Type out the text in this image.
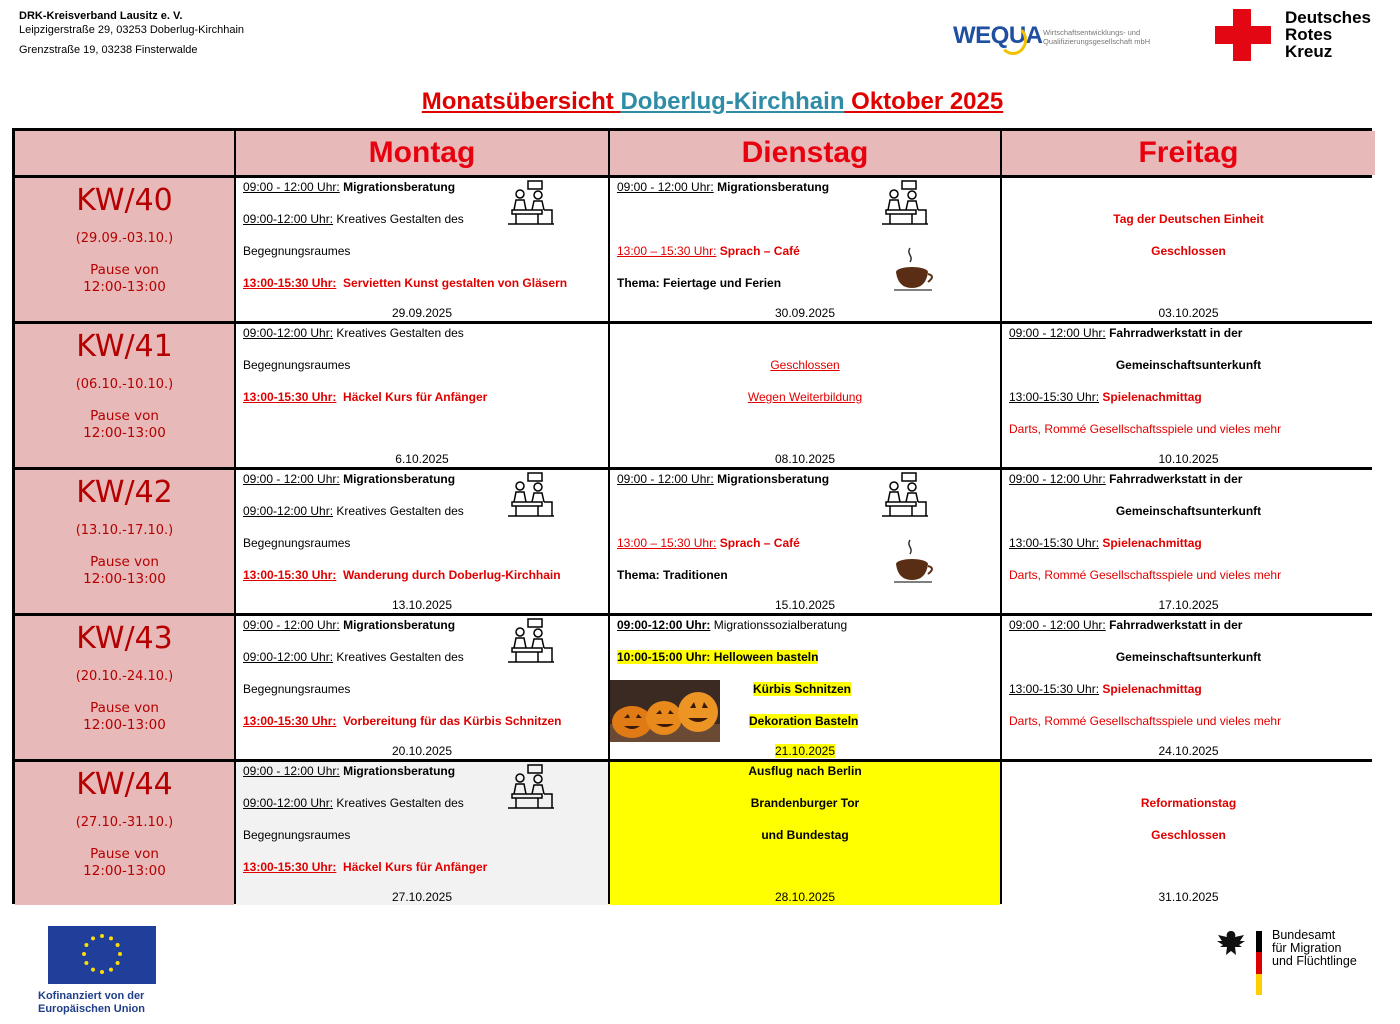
DRK-Kreisverband Lausitz e. V.
Leipzigerstraße 29, 03253 Doberlug-Kirchhain
Grenzstraße 19, 03238 Finsterwalde
WEQUA Wirtschaftsentwicklungs- und Qualifizierungsgesellschaft mbH
Deutsches
Rotes
Kreuz
Monatsübersicht Doberlug-Kirchhain Oktober 2025
Montag	Dienstag	Freitag
KW/40
(29.09.-03.10.)
Pause von
12:00-13:00
09:00 - 12:00 Uhr: Migrationsberatung
09:00-12:00 Uhr: Kreatives Gestalten des
Begegnungsraumes
13:00-15:30 Uhr: Servietten Kunst gestalten von Gläsern
29.09.2025
09:00 - 12:00 Uhr: Migrationsberatung
13:00 – 15:30 Uhr: Sprach – Café
Thema: Feiertage und Ferien
30.09.2025
Tag der Deutschen Einheit
Geschlossen
03.10.2025
KW/41
(06.10.-10.10.)
Pause von
12:00-13:00
09:00-12:00 Uhr: Kreatives Gestalten des
Begegnungsraumes
13:00-15:30 Uhr: Häckel Kurs für Anfänger
6.10.2025
Geschlossen
Wegen Weiterbildung
08.10.2025
09:00 - 12:00 Uhr: Fahrradwerkstatt in der
Gemeinschaftsunterkunft
13:00-15:30 Uhr: Spielenachmittag
Darts, Rommé Gesellschaftsspiele und vieles mehr
10.10.2025
KW/42
(13.10.-17.10.)
Pause von
12:00-13:00
09:00 - 12:00 Uhr: Migrationsberatung
09:00-12:00 Uhr: Kreatives Gestalten des
Begegnungsraumes
13:00-15:30 Uhr: Wanderung durch Doberlug-Kirchhain
13.10.2025
09:00 - 12:00 Uhr: Migrationsberatung
13:00 – 15:30 Uhr: Sprach – Café
Thema: Traditionen
15.10.2025
09:00 - 12:00 Uhr: Fahrradwerkstatt in der
Gemeinschaftsunterkunft
13:00-15:30 Uhr: Spielenachmittag
Darts, Rommé Gesellschaftsspiele und vieles mehr
17.10.2025
KW/43
(20.10.-24.10.)
Pause von
12:00-13:00
09:00 - 12:00 Uhr: Migrationsberatung
09:00-12:00 Uhr: Kreatives Gestalten des
Begegnungsraumes
13:00-15:30 Uhr: Vorbereitung für das Kürbis Schnitzen
20.10.2025
09:00-12:00 Uhr: Migrationssozialberatung
10:00-15:00 Uhr: Helloween basteln
Kürbis Schnitzen
Dekoration Basteln
21.10.2025
09:00 - 12:00 Uhr: Fahrradwerkstatt in der
Gemeinschaftsunterkunft
13:00-15:30 Uhr: Spielenachmittag
Darts, Rommé Gesellschaftsspiele und vieles mehr
24.10.2025
KW/44
(27.10.-31.10.)
Pause von
12:00-13:00
09:00 - 12:00 Uhr: Migrationsberatung
09:00-12:00 Uhr: Kreatives Gestalten des
Begegnungsraumes
13:00-15:30 Uhr: Häckel Kurs für Anfänger
27.10.2025
Ausflug nach Berlin
Brandenburger Tor
und Bundestag
28.10.2025
Reformationstag
Geschlossen
31.10.2025
Kofinanziert von der
Europäischen Union
Bundesamt
für Migration
und Flüchtlinge
